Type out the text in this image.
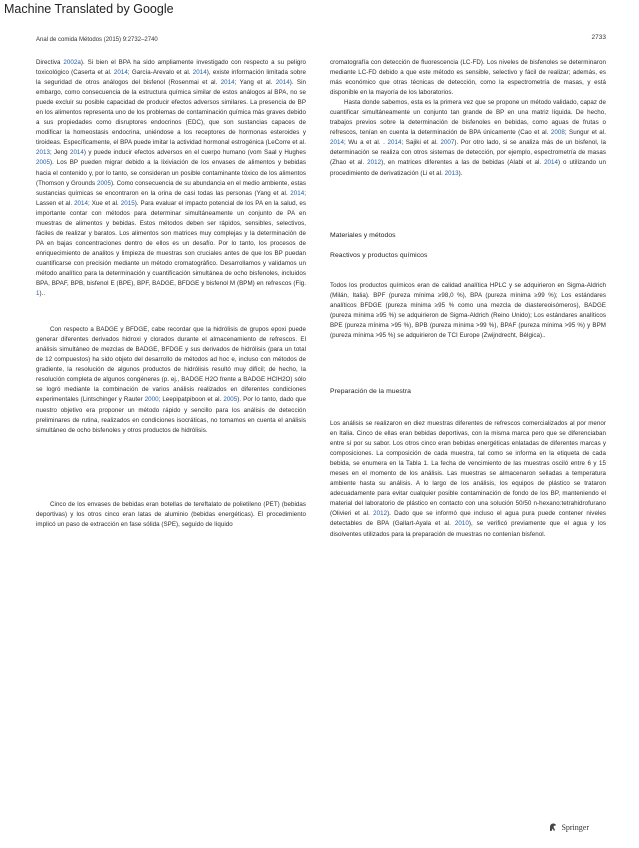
Machine Translated by Google
Anal de comida Métodos (2015) 9:2732–2740	2733

Directiva 2002a). Si bien el BPA ha sido ampliamente investigado con respecto a su peligro toxicológico (Caserta et al. 2014; García-Arevalo et al. 2014), existe información limitada sobre la seguridad de otros análogos del bisfenol (Rosenmai et al. 2014; Yang et al. 2014). Sin embargo, como consecuencia de la estructura química similar de estos análogos al BPA, no se puede excluir su posible capacidad de producir efectos adversos similares. La presencia de BP en los alimentos representa uno de los problemas de contaminación química más graves debido a sus propiedades como disruptores endocrinos (EDC), que son sustancias capaces de modificar la homeostasis endocrina, uniéndose a los receptores de hormonas esteroides y tiroideas. Específicamente, el BPA puede imitar la actividad hormonal estrogénica (LeCorre et al. 2013; Jeng 2014) y puede inducir efectos adversos en el cuerpo humano (vom Saal y Hughes 2005). Los BP pueden migrar debido a la lixiviación de los envases de alimentos y bebidas hacia el contenido y, por lo tanto, se consideran un posible contaminante tóxico de los alimentos (Thomson y Grounds 2005). Como consecuencia de su abundancia en el medio ambiente, estas sustancias químicas se encontraron en la orina de casi todas las personas (Yang et al. 2014; Lassen et al. 2014; Xue et al. 2015). Para evaluar el impacto potencial de los PA en la salud, es importante contar con métodos para determinar simultáneamente un conjunto de PA en muestras de alimentos y bebidas. Estos métodos deben ser rápidos, sensibles, selectivos, fáciles de realizar y baratos. Los alimentos son matrices muy complejas y la determinación de PA en bajas concentraciones dentro de ellos es un desafío. Por lo tanto, los procesos de enriquecimiento de analitos y limpieza de muestras son cruciales antes de que los BP puedan cuantificarse con precisión mediante un método cromatográfico. Desarrollamos y validamos un método analítico para la determinación y cuantificación simultánea de ocho bisfenoles, incluidos BPA, BPAF, BPB, bisfenol E (BPE), BPF, BADGE, BFDGE y bisfenol M (BPM) en refrescos (Fig. 1)..

Con respecto a BADGE y BFDGE, cabe recordar que la hidrólisis de grupos epoxi puede generar diferentes derivados hidroxi y clorados durante el almacenamiento de refrescos. El análisis simultáneo de mezclas de BADGE, BFDGE y sus derivados de hidrólisis (para un total de 12 compuestos) ha sido objeto del desarrollo de métodos ad hoc e, incluso con métodos de gradiente, la resolución de algunos productos de hidrólisis resultó muy difícil; de hecho, la resolución completa de algunos congéneres (p. ej., BADGE H2O frente a BADGE HClH2O) sólo se logró mediante la combinación de varios análisis realizados en diferentes condiciones experimentales (Lintschinger y Rauter 2000; Leepipatpiboon et al. 2005). Por lo tanto, dado que nuestro objetivo era proponer un método rápido y sencillo para los análisis de detección preliminares de rutina, realizados en condiciones isocráticas, no tomamos en cuenta el análisis simultáneo de ocho bisfenoles y otros productos de hidrólisis.

Cinco de los envases de bebidas eran botellas de tereftalato de polietileno (PET) (bebidas deportivas) y los otros cinco eran latas de aluminio (bebidas energéticas). El procedimiento implicó un paso de extracción en fase sólida (SPE), seguido de líquido

cromatografía con detección de fluorescencia (LC-FD). Los niveles de bisfenoles se determinaron mediante LC-FD debido a que este método es sensible, selectivo y fácil de realizar; además, es más económico que otras técnicas de detección, como la espectrometría de masas, y está disponible en la mayoría de los laboratorios.

Hasta donde sabemos, esta es la primera vez que se propone un método validado, capaz de cuantificar simultáneamente un conjunto tan grande de BP en una matriz líquida. De hecho, trabajos previos sobre la determinación de bisfenoles en bebidas, como aguas de frutas o refrescos, tenían en cuenta la determinación de BPA únicamente (Cao et al. 2008; Sungur et al. 2014; Wu a et al. . 2014; Sajiki et al. 2007). Por otro lado, si se analiza más de un bisfenol, la determinación se realiza con otros sistemas de detección, por ejemplo, espectrometría de masas (Zhao et al. 2012), en matrices diferentes a las de bebidas (Alabi et al. 2014) o utilizando un procedimiento de derivatización (Li et al. 2013).

Materiales y métodos

Reactivos y productos químicos

Todos los productos químicos eran de calidad analítica HPLC y se adquirieron en Sigma-Aldrich (Milán, Italia). BPF (pureza mínima ≥98,0 %), BPA (pureza mínima ≥99 %); Los estándares analíticos BFDGE (pureza mínima ≥95 % como una mezcla de diastereoisómeros), BADGE (pureza mínima ≥95 %) se adquirieron de Sigma-Aldrich (Reino Unido); Los estándares analíticos BPE (pureza mínima >95 %), BPB (pureza mínima >99 %), BPAF (pureza mínima >95 %) y BPM (pureza mínima >95 %) se adquirieron de TCI Europe (Zwijndrecht, Bélgica)..

Preparación de la muestra

Los análisis se realizaron en diez muestras diferentes de refrescos comercializados al por menor en Italia. Cinco de ellas eran bebidas deportivas, con la misma marca pero que se diferenciaban entre sí por su sabor. Los otros cinco eran bebidas energéticas enlatadas de diferentes marcas y composiciones. La composición de cada muestra, tal como se informa en la etiqueta de cada bebida, se enumera en la Tabla 1. La fecha de vencimiento de las muestras osciló entre 6 y 15 meses en el momento de los análisis. Las muestras se almacenaron selladas a temperatura ambiente hasta su análisis. A lo largo de los análisis, los equipos de plástico se trataron adecuadamente para evitar cualquier posible contaminación de fondo de los BP, manteniendo el material del laboratorio de plástico en contacto con una solución 50/50 n-hexano:tetrahidrofurano (Olivieri et al. 2012). Dado que se informó que incluso el agua pura puede contener niveles detectables de BPA (Gallart-Ayala et al. 2010), se verificó previamente que el agua y los disolventes utilizados para la preparación de muestras no contenían bisfenol.

Springer
